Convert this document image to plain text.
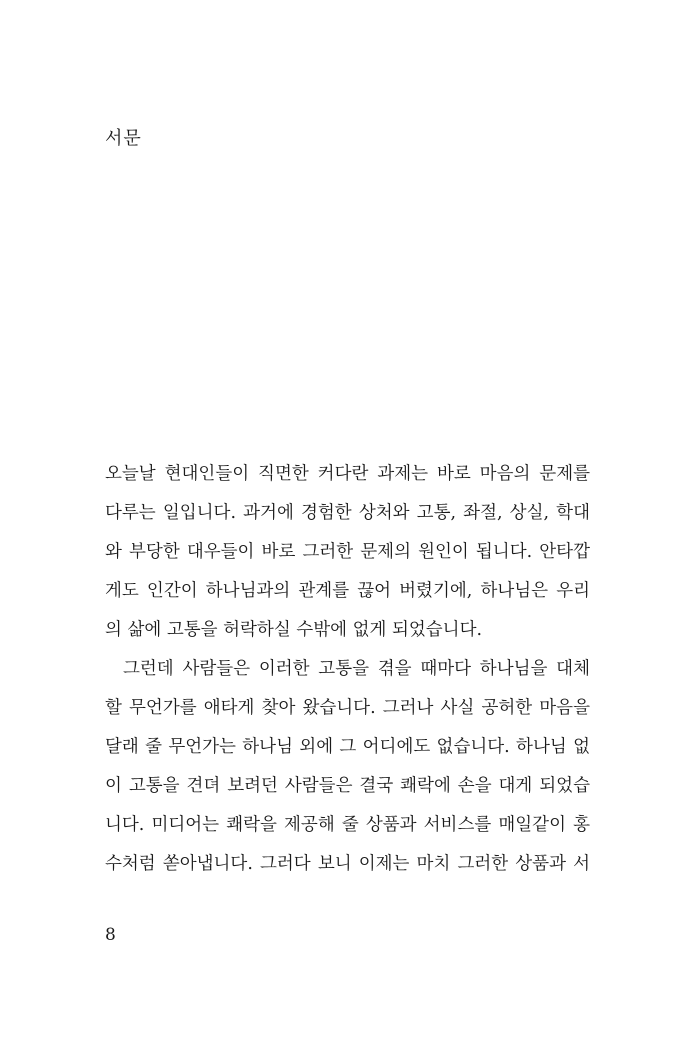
서문
오늘날 현대인들이 직면한 커다란 과제는 바로 마음의 문제를
다루는 일입니다. 과거에 경험한 상처와 고통, 좌절, 상실, 학대
와 부당한 대우들이 바로 그러한 문제의 원인이 됩니다. 안타깝
게도 인간이 하나님과의 관계를 끊어 버렸기에, 하나님은 우리
의 삶에 고통을 허락하실 수밖에 없게 되었습니다.
그런데 사람들은 이러한 고통을 겪을 때마다 하나님을 대체
할 무언가를 애타게 찾아 왔습니다. 그러나 사실 공허한 마음을
달래 줄 무언가는 하나님 외에 그 어디에도 없습니다. 하나님 없
이 고통을 견뎌 보려던 사람들은 결국 쾌락에 손을 대게 되었습
니다. 미디어는 쾌락을 제공해 줄 상품과 서비스를 매일같이 홍
수처럼 쏟아냅니다. 그러다 보니 이제는 마치 그러한 상품과 서
8
